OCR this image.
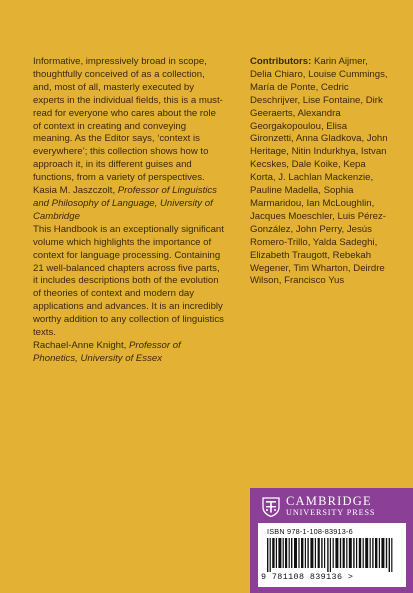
Informative, impressively broad in scope, thoughtfully conceived of as a collection, and, most of all, masterly executed by experts in the individual fields, this is a must-read for everyone who cares about the role of context in creating and conveying meaning. As the Editor says, ‘context is everywhere’; this collection shows how to approach it, in its different guises and functions, from a variety of perspectives.

Kasia M. Jaszczolt, Professor of Linguistics and Philosophy of Language, University of Cambridge

This Handbook is an exceptionally significant volume which highlights the importance of context for language processing. Containing 21 well-balanced chapters across five parts, it includes descriptions both of the evolution of theories of context and modern day applications and advances. It is an incredibly worthy addition to any collection of linguistics texts.

Rachael-Anne Knight, Professor of Phonetics, University of Essex

Contributors: Karin Aijmer, Delia Chiaro, Louise Cummings, María de Ponte, Cedric Deschrijver, Lise Fontaine, Dirk Geeraerts, Alexandra Georgakopoulou, Elisa Gironzetti, Anna Gladkova, John Heritage, Nitin Indurkhya, Istvan Kecskes, Dale Koike, Kepa Korta, J. Lachlan Mackenzie, Pauline Madella, Sophia Marmaridou, Ian McLoughlin, Jacques Moeschler, Luis Pérez-González, John Perry, Jesús Romero-Trillo, Yalda Sadeghi, Elizabeth Traugott, Rebekah Wegener, Tim Wharton, Deirdre Wilson, Francisco Yus
CAMBRIDGE
UNIVERSITY PRESS
ISBN 978-1-108-83913-6
9 781108 839136 >
